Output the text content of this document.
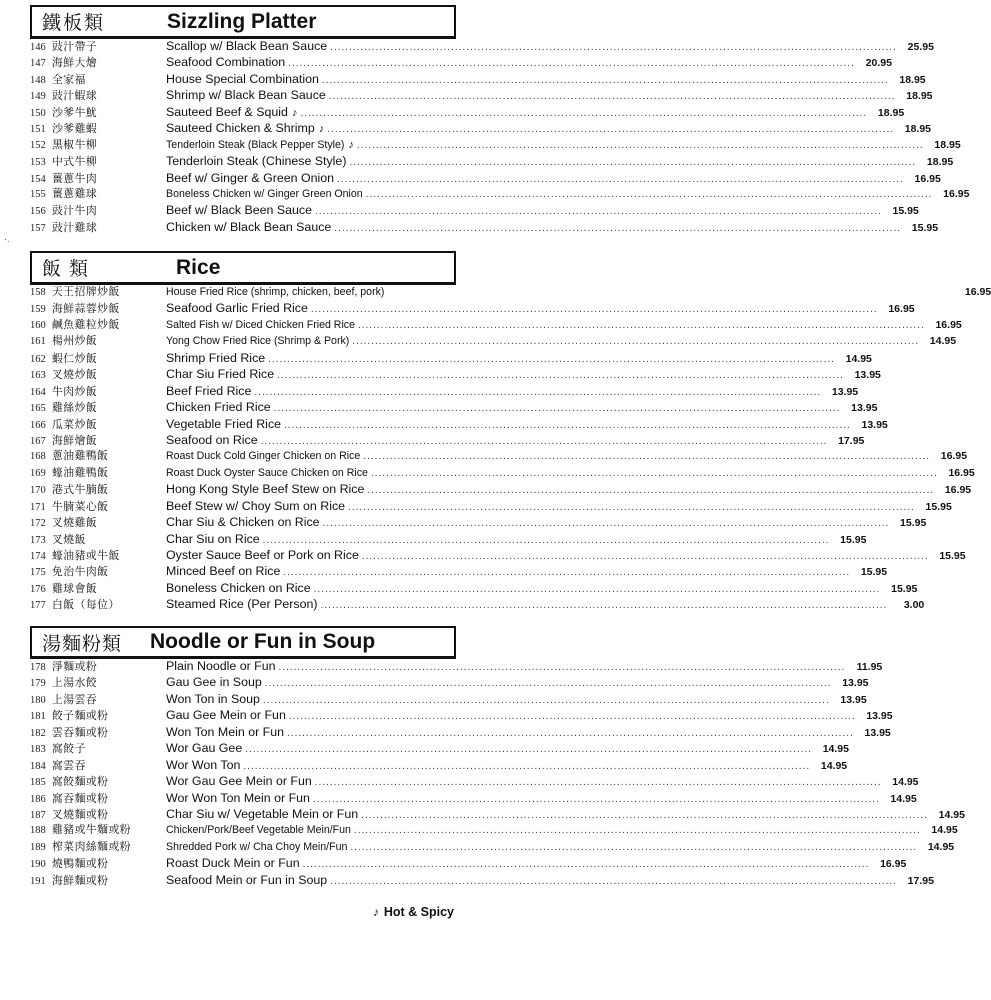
鐵板類	Sizzling Platter
146 豉汁帶子	Scallop w/ Black Bean Sauce .....	25.95
147 海鮮大燴	Seafood Combination .....	20.95
148 全家福	House Special Combination .....	18.95
149 豉汁蝦球	Shrimp w/ Black Bean Sauce .....	18.95
150 沙爹牛魷	Sauteed Beef & Squid ♪ .....	18.95
151 沙爹雞蝦	Sauteed Chicken & Shrimp ♪ .....	18.95
152 黑椒牛柳	Tenderloin Steak (Black Pepper Style) ♪ .....	18.95
153 中式牛柳	Tenderloin Steak (Chinese Style) .....	18.95
154 薑蔥牛肉	Beef w/ Ginger & Green Onion .....	16.95
155 薑蔥雞球	Boneless Chicken w/ Ginger Green Onion .....	16.95
156 豉汁牛肉	Beef w/ Black Been Sauce .....	15.95
157 豉汁雞球	Chicken w/ Black Bean Sauce .....	15.95
·.
飯類	Rice
158 天王招牌炒飯	House Fried Rice (shrimp, chicken, beef, pork)	16.95
159 海鮮蒜蓉炒飯	Seafood Garlic Fried Rice .....	16.95
160 鹹魚雞粒炒飯	Salted Fish w/ Diced Chicken Fried Rice .....	16.95
161 楊州炒飯	Yong Chow Fried Rice (Shrimp & Pork) .....	14.95
162 蝦仁炒飯	Shrimp Fried Rice .....	14.95
163 叉燒炒飯	Char Siu Fried Rice .....	13.95
164 牛肉炒飯	Beef Fried Rice .....	13.95
165 雞絲炒飯	Chicken Fried Rice .....	13.95
166 瓜菜炒飯	Vegetable Fried Rice .....	13.95
167 海鮮燴飯	Seafood on Rice .....	17.95
168 蔥油雞鴨飯	Roast Duck Cold Ginger Chicken on Rice .....	16.95
169 蠔油雞鴨飯	Roast Duck Oyster Sauce Chicken on Rice .....	16.95
170 港式牛腩飯	Hong Kong Style Beef Stew on Rice .....	16.95
171 牛腩菜心飯	Beef Stew w/ Choy Sum on Rice .....	15.95
172 叉燒雞飯	Char Siu & Chicken on Rice .....	15.95
173 叉燒飯	Char Siu on Rice .....	15.95
174 蠔油豬或牛飯	Oyster Sauce Beef or Pork on Rice .....	15.95
175 免治牛肉飯	Minced Beef on Rice .....	15.95
176 雞球會飯	Boneless Chicken on Rice .....	15.95
177 白飯（每位）	Steamed Rice (Per Person) .....	3.00
湯麵粉類 Noodle or Fun in Soup
178 淨麵或粉	Plain Noodle or Fun .....	11.95
179 上湯水餃	Gau Gee in Soup .....	13.95
180 上湯雲吞	Won Ton in Soup .....	13.95
181 餃子麵或粉	Gau Gee Mein or Fun .....	13.95
182 雲吞麵或粉	Won Ton Mein or Fun .....	13.95
183 窩餃子	Wor Gau Gee .....	14.95
184 窩雲吞	Wor Won Ton .....	14.95
185 窩餃麵或粉	Wor Gau Gee Mein or Fun .....	14.95
186 窩吞麵或粉	Wor Won Ton Mein or Fun .....	14.95
187 叉燒麵或粉	Char Siu w/ Vegetable Mein or Fun .....	14.95
188 雞豬或牛麵或粉	Chicken/Pork/Beef Vegetable Mein/Fun .....	14.95
189 榨菜肉絲麵或粉	Shredded Pork w/ Cha Choy Mein/Fun .....	14.95
190 燒鴨麵或粉	Roast Duck Mein or Fun .....	16.95
191 海鮮麵或粉	Seafood Mein or Fun in Soup .....	17.95
♪ Hot & Spicy
